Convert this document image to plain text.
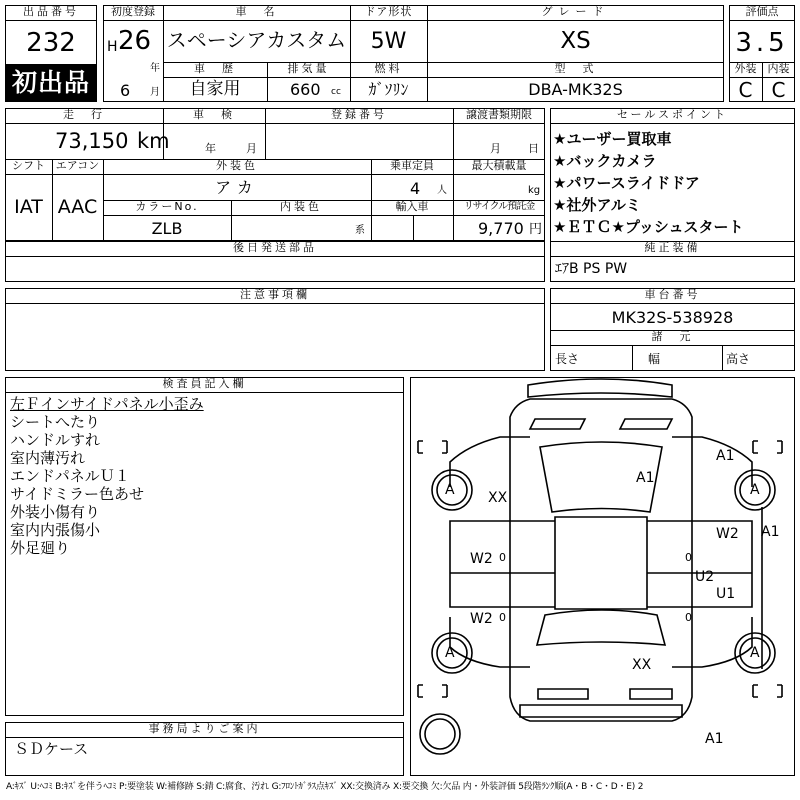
出品番号
232
初出品
初度登録
H 26
年
6 月
車　名
スペーシアカスタム
ドア形状
5W
グレード
XS
車　歴
自家用
排気量
660 cc
燃料
ｶﾞｿﾘﾝ
型　式
DBA-MK32S
評価点
3.5
外装	内装
C C
走　行
73,150 km
車　検
年	月
登録番号	譲渡書類期限
月 日
シフト
IAT
エアコン
AAC
外装色
アカ
乗車定員
4 人
最大積載量
kg
カラーNo.
ZLB
内装色
系
輸入車	リサイクル預託金
9,770 円
後日発送部品
セールスポイント
★ユーザー買取車
★バックカメラ
★パワースライドドア
★社外アルミ
★ＥＴＣ★プッシュスタート
純正装備
ｴｱB PS PW
注意事項欄	車台番号
MK32S-538928
諸　元
長さ	幅	高さ
検査員記入欄
左Ｆインサイドパネル小歪み
シートへたり
ハンドルすれ
室内薄汚れ
エンドパネルＵ１
サイドミラー色あせ
外装小傷有り
室内内張傷小
外足廻り
事務局よりご案内
ＳＤケース
A	A
A	A
A1
A1
XX
W2 0
W2 0
W2
0
0
A1
U2
U1
XX
A1
A:ｷｽﾞ U:ﾍｺﾐ B:ｷｽﾞを伴うﾍｺﾐ P:要塗装 W:補修跡 S:錆 C:腐食、汚れ G:ﾌﾛﾝﾄｶﾞﾗｽ点ｷｽﾞ XX:交換済み X:要交換 欠:欠品 内・外装評価 5段階ﾗﾝｸ順(A・B・C・D・E) 2
